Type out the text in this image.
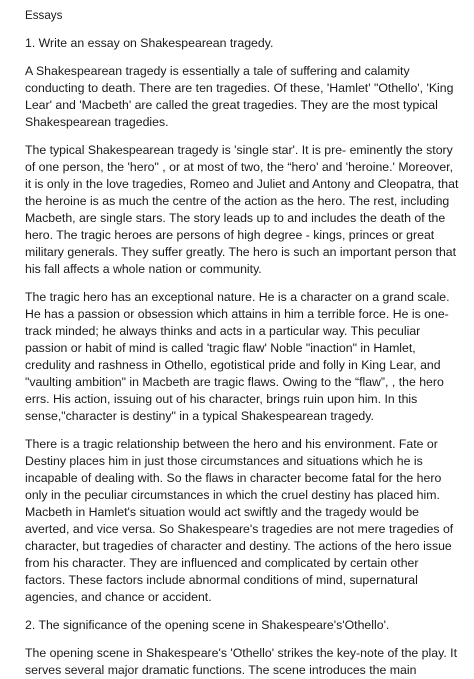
Essays
1. Write an essay on Shakespearean tragedy.

A Shakespearean tragedy is essentially a tale of suffering and calamity conducting to death. There are ten tragedies. Of these, 'Hamlet' "Othello', 'King Lear' and 'Macbeth' are called the great tragedies. They are the most typical Shakespearean tragedies.

The typical Shakespearean tragedy is 'single star'. It is pre- eminently the story of one person, the 'hero" , or at most of two, the “hero' and 'heroine.' Moreover, it is only in the love tragedies, Romeo and Juliet and Antony and Cleopatra, that the heroine is as much the centre of the action as the hero. The rest, including Macbeth, are single stars. The story leads up to and includes the death of the hero. The tragic heroes are persons of high degree - kings, princes or great military generals. They suffer greatly. The hero is such an important person that his fall affects a whole nation or community.

The tragic hero has an exceptional nature. He is a character on a grand scale. He has a passion or obsession which attains in him a terrible force. He is one-track minded; he always thinks and acts in a particular way. This peculiar passion or habit of mind is called 'tragic flaw' Noble "inaction" in Hamlet, credulity and rashness in Othello, egotistical pride and folly in King Lear, and "vaulting ambition" in Macbeth are tragic flaws. Owing to the “flaw”, , the hero errs. His action, issuing out of his character, brings ruin upon him. In this sense,"character is destiny" in a typical Shakespearean tragedy.

There is a tragic relationship between the hero and his environment. Fate or Destiny places him in just those circumstances and situations which he is incapable of dealing with. So the flaws in character become fatal for the hero only in the peculiar circumstances in which the cruel destiny has placed him. Macbeth in Hamlet's situation would act swiftly and the tragedy would be averted, and vice versa. So Shakespeare's tragedies are not mere tragedies of character, but tragedies of character and destiny. The actions of the hero issue from his character. They are influenced and complicated by certain other factors. These factors include abnormal conditions of mind, supernatural agencies, and chance or accident.

2. The significance of the opening scene in Shakespeare's'Othello'.

The opening scene in Shakespeare's 'Othello' strikes the key-note of the play. It serves several major dramatic functions. The scene introduces the main
